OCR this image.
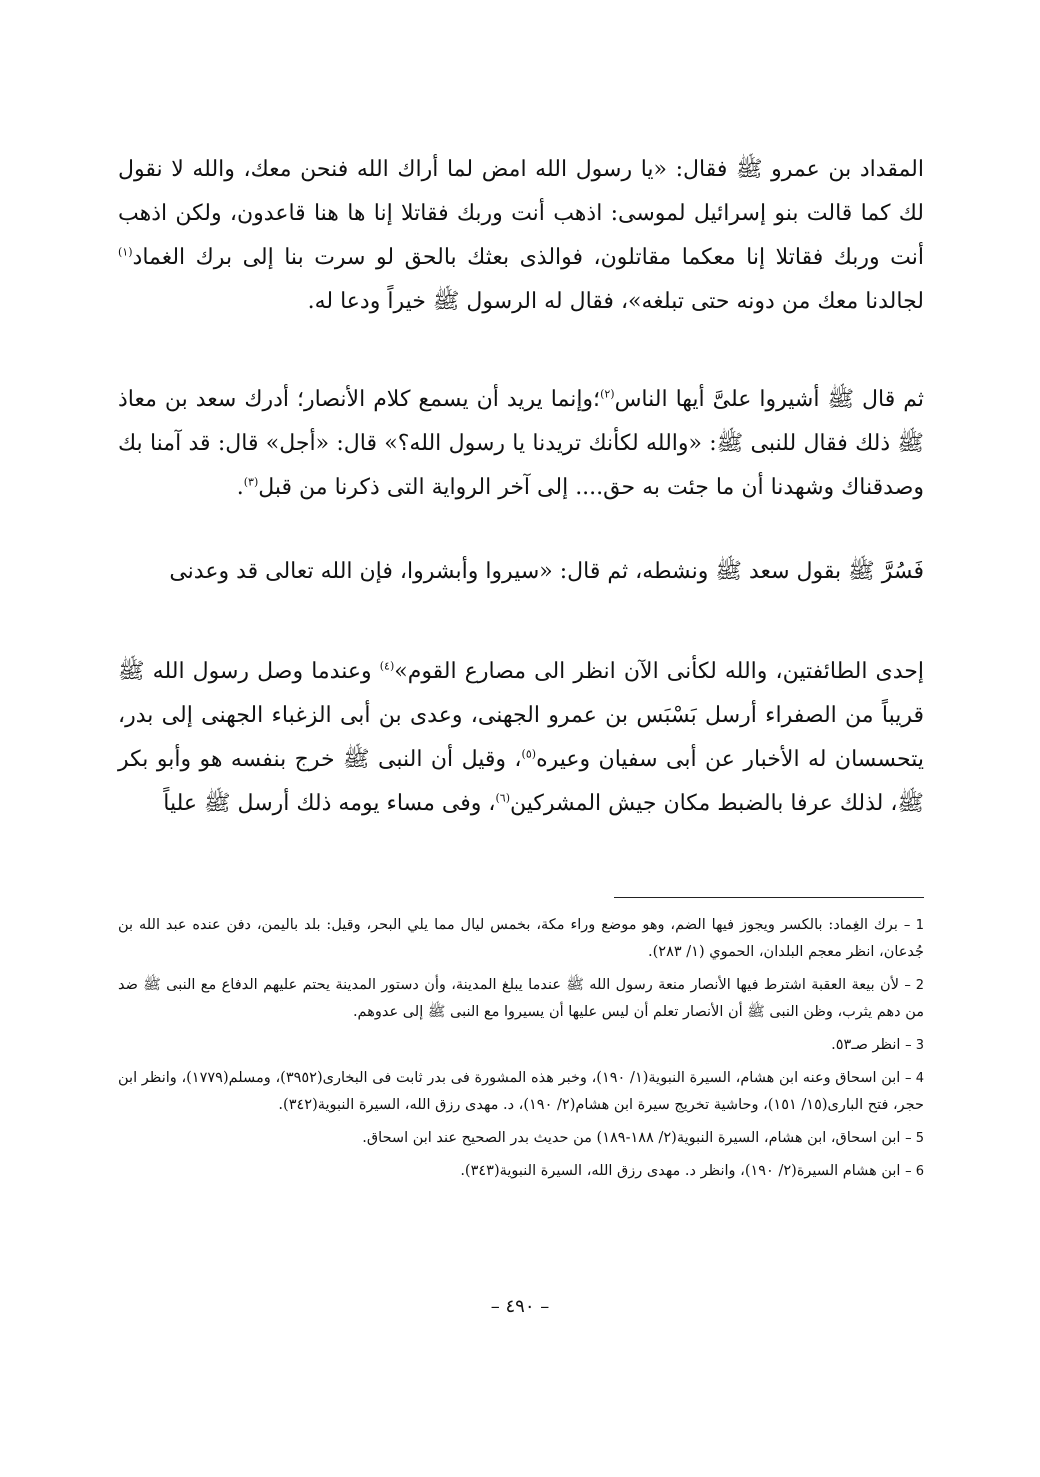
المقداد بن عمرو ﷺ فقال: «يا رسول الله امض لما أراك الله فنحن معك، والله لا نقول لك كما قالت بنو إسرائيل لموسى: اذهب أنت وربك فقاتلا إنا ها هنا قاعدون، ولكن اذهب أنت وربك فقاتلا إنا معكما مقاتلون، فوالذى بعثك بالحق لو سرت بنا إلى برك الغماد$^{(١)}$ لجالدنا معك من دونه حتى تبلغه»، فقال له الرسول ﷺ خيراً ودعا له.

ثم قال ﷺ أشيروا علىَّ أيها الناس$^{(٢)}$؛وإنما يريد أن يسمع كلام الأنصار؛ أدرك سعد بن معاذ ﷺ ذلك فقال للنبى ﷺ: «والله لكأنك تريدنا يا رسول الله؟» قال: «أجل» قال: قد آمنا بك وصدقناك وشهدنا أن ما جئت به حق.... إلى آخر الرواية التى ذكرنا من قبل$^{(٣)}$.

فَسُرَّ ﷺ بقول سعد ﷺ ونشطه، ثم قال: «سيروا وأبشروا، فإن الله تعالى قد وعدنى

إحدى الطائفتين، والله لكأنى الآن انظر الى مصارع القوم»$^{(٤)}$ وعندما وصل رسول الله ﷺ قريباً من الصفراء أرسل بَسْبَس بن عمرو الجهنى، وعدى بن أبى الزغباء الجهنى إلى بدر، يتحسسان له الأخبار عن أبى سفيان وعيره$^{(٥)}$، وقيل أن النبى ﷺ خرج بنفسه هو وأبو بكر ﷺ، لذلك عرفا بالضبط مكان جيش المشركين$^{(٦)}$، وفى مساء يومه ذلك أرسل ﷺ علياً

1 – برك الغِماد: بالكسر ويجوز فيها الضم، وهو موضع وراء مكة، بخمس ليال مما يلي البحر، وقيل: بلد باليمن، دفن عنده عبد الله بن جُدعان، انظر معجم البلدان، الحموي (١/ ٢٨٣).
2 – لأن بيعة العقبة اشترط فيها الأنصار منعة رسول الله ﷺ عندما يبلغ المدينة، وأن دستور المدينة يحتم عليهم الدفاع مع النبى ﷺ ضد من دهم يثرب، وظن النبى ﷺ أن الأنصار تعلم أن ليس عليها أن يسيروا مع النبى ﷺ إلى عدوهم.
3 – انظر صـ٥٣.
4 – ابن اسحاق وعنه ابن هشام، السيرة النبوية(١/ ١٩٠)، وخبر هذه المشورة فى بدر ثابت فى البخارى(٣٩٥٢)، ومسلم(١٧٧٩)، وانظر ابن حجر، فتح البارى(١٥/ ١٥١)، وحاشية تخريج سيرة ابن هشام(٢/ ١٩٠)، د. مهدى رزق الله، السيرة النبوية(٣٤٢).
5 – ابن اسحاق، ابن هشام، السيرة النبوية(٢/ ١٨٨-١٨٩) من حديث بدر الصحيح عند ابن اسحاق.
6 – ابن هشام السيرة(٢/ ١٩٠)، وانظر د. مهدى رزق الله، السيرة النبوية(٣٤٣).
– ٤٩٠ –
